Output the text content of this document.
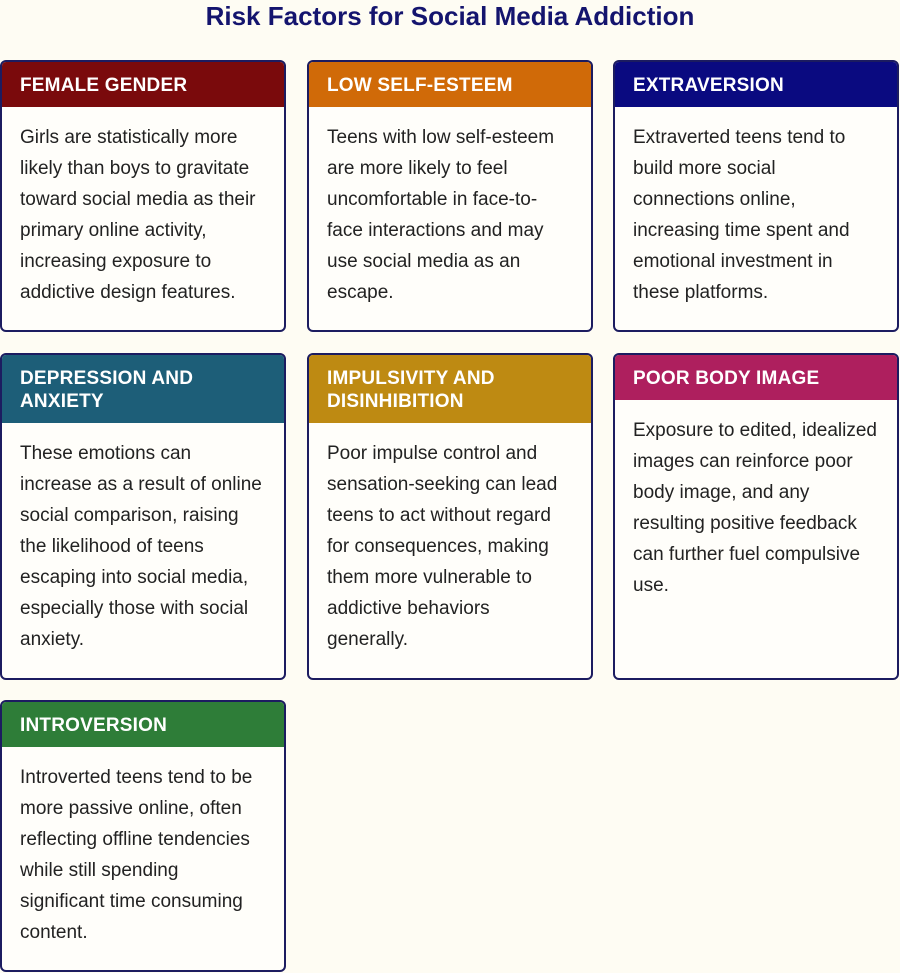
Risk Factors for Social Media Addiction
FEMALE GENDER
Girls are statistically more likely than boys to gravitate toward social media as their primary online activity, increasing exposure to addictive design features.
LOW SELF-ESTEEM
Teens with low self-esteem are more likely to feel uncomfortable in face-to-face interactions and may use social media as an escape.
EXTRAVERSION
Extraverted teens tend to build more social connections online, increasing time spent and emotional investment in these platforms.
DEPRESSION AND ANXIETY
These emotions can increase as a result of online social comparison, raising the likelihood of teens escaping into social media, especially those with social anxiety.
IMPULSIVITY AND DISINHIBITION
Poor impulse control and sensation-seeking can lead teens to act without regard for consequences, making them more vulnerable to addictive behaviors generally.
POOR BODY IMAGE
Exposure to edited, idealized images can reinforce poor body image, and any resulting positive feedback can further fuel compulsive use.
INTROVERSION
Introverted teens tend to be more passive online, often reflecting offline tendencies while still spending significant time consuming content.
